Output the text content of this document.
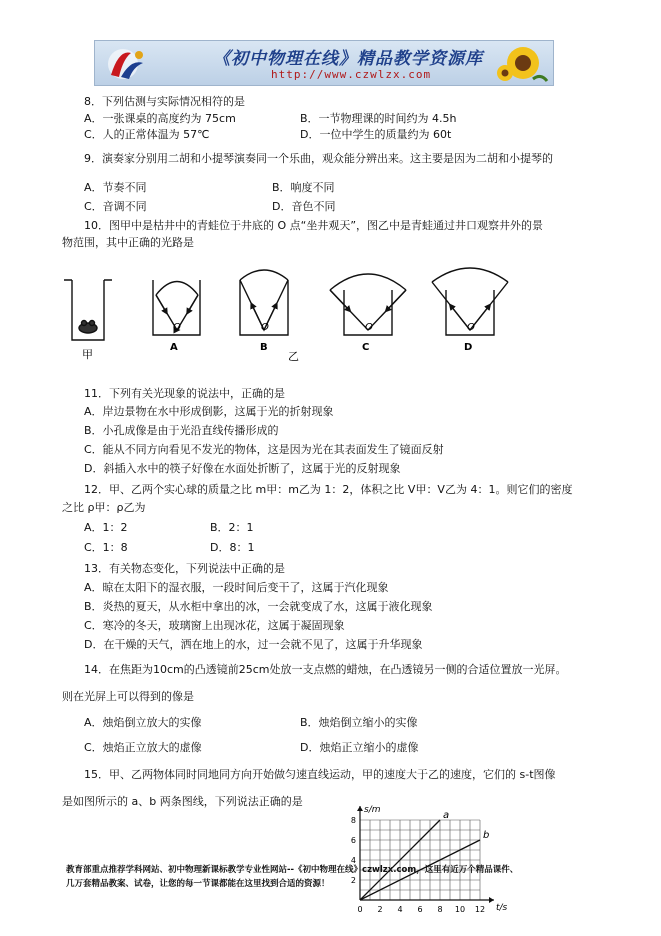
《初中物理在线》精品教学资源库
http://www.czwlzx.com
8．下列估测与实际情况相符的是
A．一张课桌的高度约为 75cm	B．一节物理课的时间约为 4.5h
C．人的正常体温为 57℃	D．一位中学生的质量约为 60t
9．演奏家分别用二胡和小提琴演奏同一个乐曲，观众能分辨出来。这主要是因为二胡和小提琴的
A．节奏不同	B．响度不同
C．音调不同	D．音色不同
10．图甲中是枯井中的青蛙位于井底的 O 点“坐井观天”，图乙中是青蛙通过井口观察井外的景
物范围，其中正确的光路是
甲
O
A
O
B
乙
O
C
O
D
11．下列有关光现象的说法中，正确的是
A．岸边景物在水中形成倒影，这属于光的折射现象
B．小孔成像是由于光沿直线传播形成的
C．能从不同方向看见不发光的物体，这是因为光在其表面发生了镜面反射
D．斜插入水中的筷子好像在水面处折断了，这属于光的反射现象
12．甲、乙两个实心球的质量之比 m甲：m乙为 1：2，体积之比 V甲：V乙为 4：1。则它们的密度
之比 ρ甲：ρ乙为
A．1：2	B．2：1
C．1：8	D．8：1
13．有关物态变化，下列说法中正确的是
A．晾在太阳下的湿衣服，一段时间后变干了，这属于汽化现象
B．炎热的夏天，从水柜中拿出的冰，一会就变成了水，这属于液化现象
C．寒冷的冬天，玻璃窗上出现冰花，这属于凝固现象
D．在干燥的天气，洒在地上的水，过一会就不见了，这属于升华现象
14．在焦距为10cm的凸透镜前25cm处放一支点燃的蜡烛，在凸透镜另一侧的合适位置放一光屏。
则在光屏上可以得到的像是
A．烛焰倒立放大的实像	B．烛焰倒立缩小的实像
C．烛焰正立放大的虚像	D．烛焰正立缩小的虚像
15．甲、乙两物体同时同地同方向开始做匀速直线运动，甲的速度大于乙的速度，它们的 s-t图像
是如图所示的 a、b 两条图线，下列说法正确的是
0 2 4 6 8 10 12
2
4
6
8
t/s
s/m	a
b
教育部重点推荐学科网站、初中物理新课标教学专业性网站--《初中物理在线》czwlzx.com，这里有近万个精品课件、
几万套精品教案、试卷，让您的每一节课都能在这里找到合适的资源！
